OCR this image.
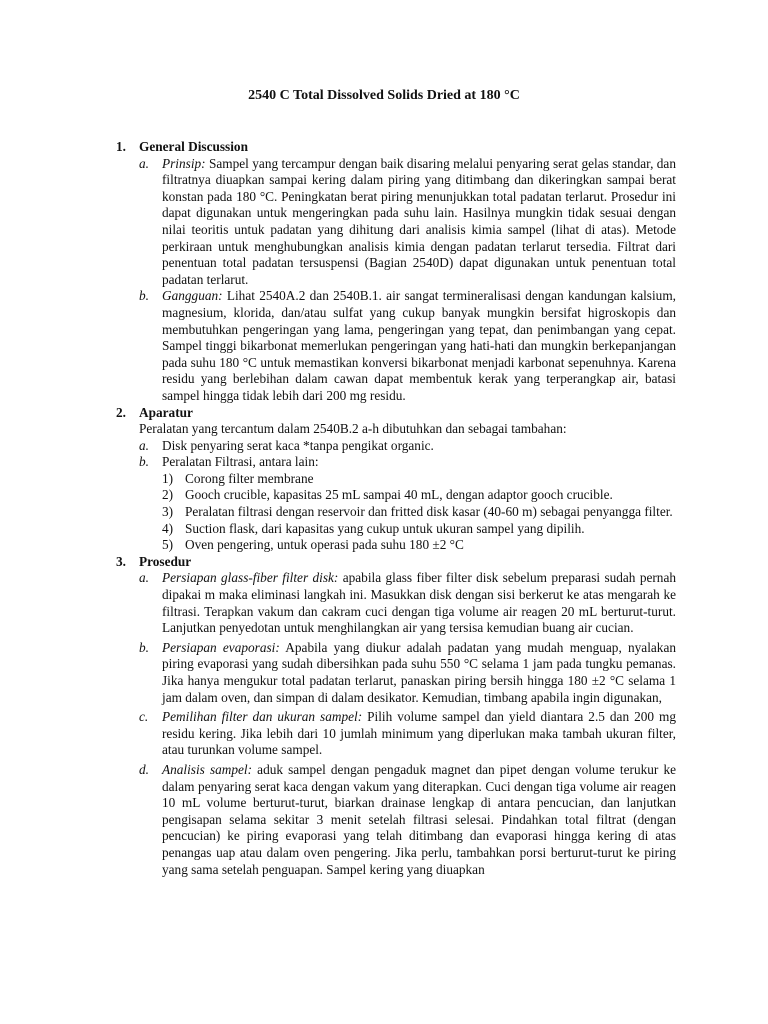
2540 C Total Dissolved Solids Dried at 180 °C
1. General Discussion
a. Prinsip: Sampel yang tercampur dengan baik disaring melalui penyaring serat gelas standar, dan filtratnya diuapkan sampai kering dalam piring yang ditimbang dan dikeringkan sampai berat konstan pada 180 °C. Peningkatan berat piring menunjukkan total padatan terlarut. Prosedur ini dapat digunakan untuk mengeringkan pada suhu lain. Hasilnya mungkin tidak sesuai dengan nilai teoritis untuk padatan yang dihitung dari analisis kimia sampel (lihat di atas). Metode perkiraan untuk menghubungkan analisis kimia dengan padatan terlarut tersedia. Filtrat dari penentuan total padatan tersuspensi (Bagian 2540D) dapat digunakan untuk penentuan total padatan terlarut.
b. Gangguan: Lihat 2540A.2 dan 2540B.1. air sangat termineralisasi dengan kandungan kalsium, magnesium, klorida, dan/atau sulfat yang cukup banyak mungkin bersifat higroskopis dan membutuhkan pengeringan yang lama, pengeringan yang tepat, dan penimbangan yang cepat. Sampel tinggi bikarbonat memerlukan pengeringan yang hati-hati dan mungkin berkepanjangan pada suhu 180 °C untuk memastikan konversi bikarbonat menjadi karbonat sepenuhnya. Karena residu yang berlebihan dalam cawan dapat membentuk kerak yang terperangkap air, batasi sampel hingga tidak lebih dari 200 mg residu.
2. Aparatur
Peralatan yang tercantum dalam 2540B.2 a-h dibutuhkan dan sebagai tambahan:
a. Disk penyaring serat kaca *tanpa pengikat organic.
b. Peralatan Filtrasi, antara lain:
1) Corong filter membrane
2) Gooch crucible, kapasitas 25 mL sampai 40 mL, dengan adaptor gooch crucible.
3) Peralatan filtrasi dengan reservoir dan fritted disk kasar (40-60 m) sebagai penyangga filter.
4) Suction flask, dari kapasitas yang cukup untuk ukuran sampel yang dipilih.
5) Oven pengering, untuk operasi pada suhu 180 ±2 °C
3. Prosedur
a. Persiapan glass-fiber filter disk: apabila glass fiber filter disk sebelum preparasi sudah pernah dipakai m maka eliminasi langkah ini. Masukkan disk dengan sisi berkerut ke atas mengarah ke filtrasi. Terapkan vakum dan cakram cuci dengan tiga volume air reagen 20 mL berturut-turut. Lanjutkan penyedotan untuk menghilangkan air yang tersisa kemudian buang air cucian.
b. Persiapan evaporasi: Apabila yang diukur adalah padatan yang mudah menguap, nyalakan piring evaporasi yang sudah dibersihkan pada suhu 550 °C selama 1 jam pada tungku pemanas. Jika hanya mengukur total padatan terlarut, panaskan piring bersih hingga 180 ±2 °C selama 1 jam dalam oven, dan simpan di dalam desikator. Kemudian, timbang apabila ingin digunakan,
c.	Pemilihan filter dan ukuran sampel: Pilih volume sampel dan yield diantara 2.5 dan 200 mg residu kering. Jika lebih dari 10 jumlah minimum yang diperlukan maka tambah ukuran filter, atau turunkan volume sampel.
d. Analisis sampel: aduk sampel dengan pengaduk magnet dan pipet dengan volume terukur ke dalam penyaring serat kaca dengan vakum yang diterapkan. Cuci dengan tiga volume air reagen 10 mL volume berturut-turut, biarkan drainase lengkap di antara pencucian, dan lanjutkan pengisapan selama sekitar 3 menit setelah filtrasi selesai. Pindahkan total filtrat (dengan pencucian) ke piring evaporasi yang telah ditimbang dan evaporasi hingga kering di atas penangas uap atau dalam oven pengering. Jika perlu, tambahkan porsi berturut-turut ke piring yang sama setelah penguapan. Sampel kering yang diuapkan
